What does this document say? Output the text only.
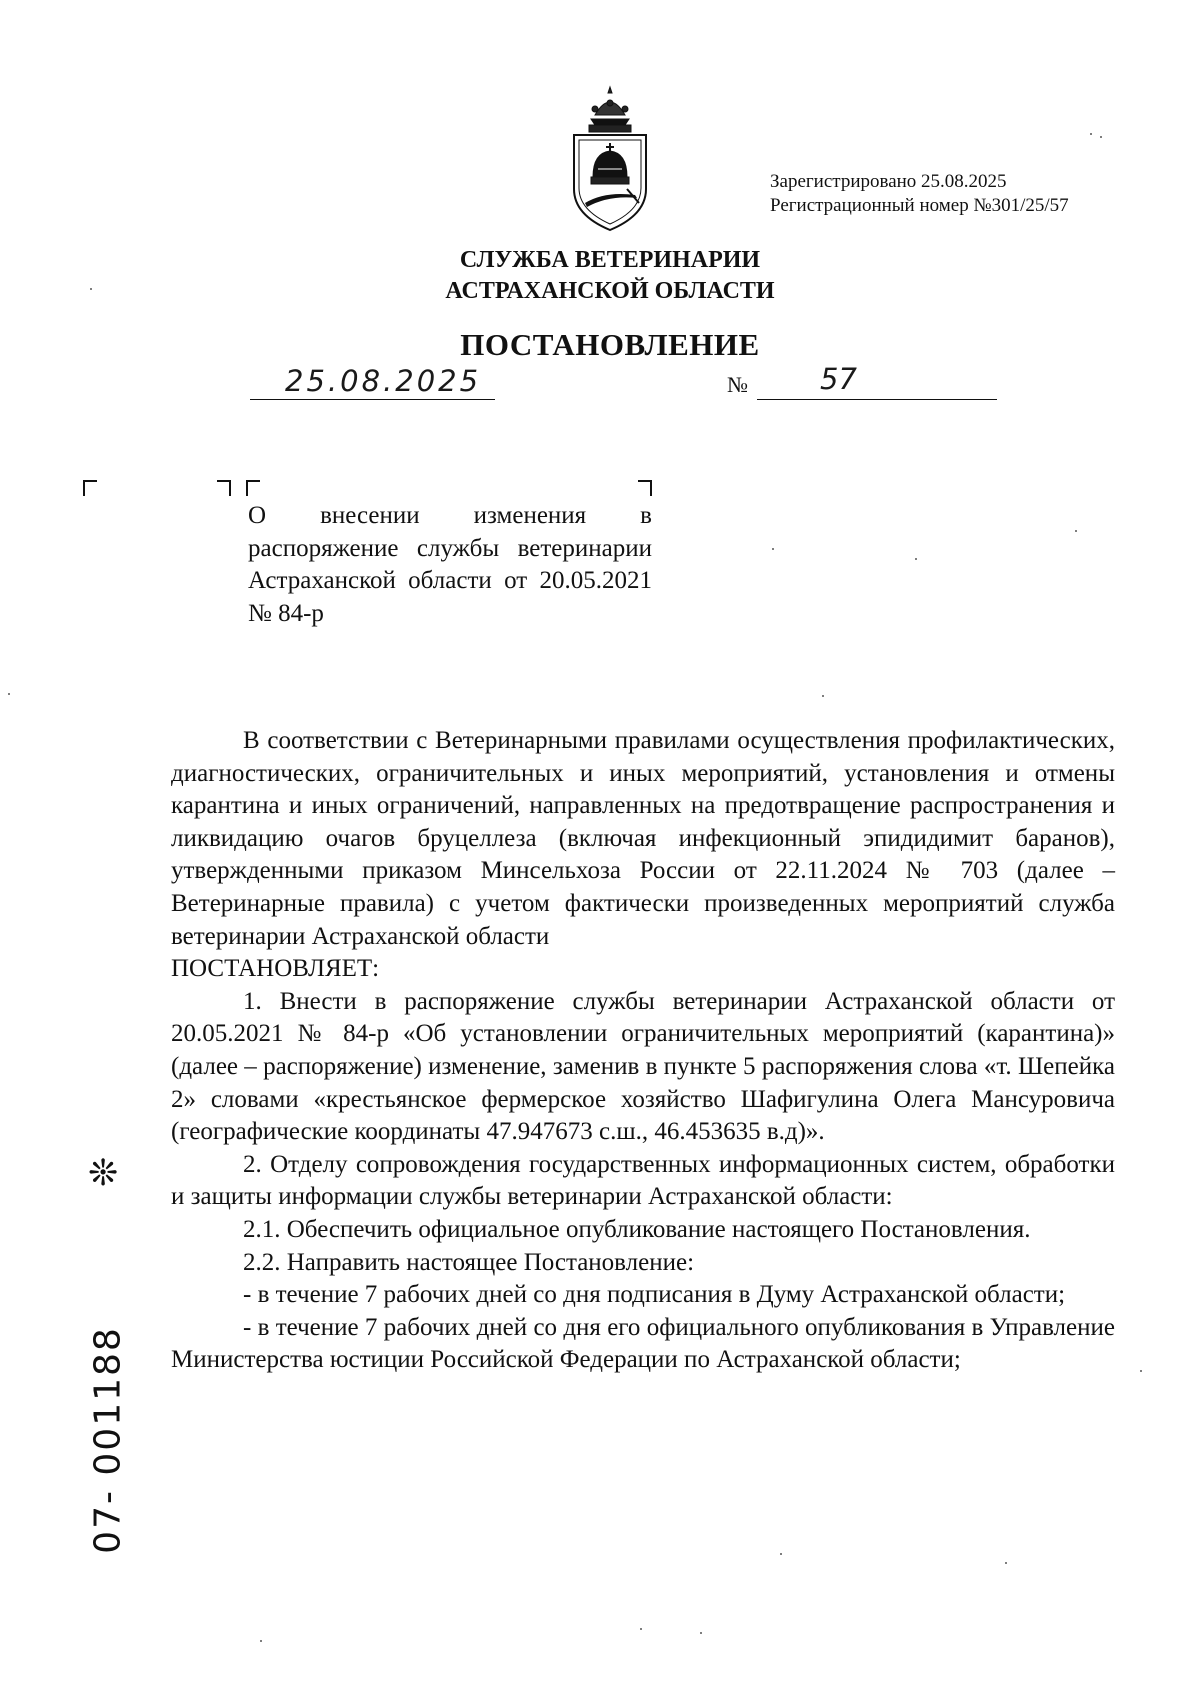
Зарегистрировано 25.08.2025
Регистрационный номер №301/25/57
СЛУЖБА ВЕТЕРИНАРИИ
АСТРАХАНСКОЙ ОБЛАСТИ
ПОСТАНОВЛЕНИЕ
25.08.2025	№ 57
О внесении изменения в распоряжение службы ветеринарии Астраханской области от 20.05.2021 № 84-р

В соответствии с Ветеринарными правилами осуществления профилактических, диагностических, ограничительных и иных мероприятий, установления и отмены карантина и иных ограничений, направленных на предотвращение распространения и ликвидацию очагов бруцеллеза (включая инфекционный эпидидимит баранов), утвержденными приказом Минсельхоза России от 22.11.2024 № 703 (далее – Ветеринарные правила) с учетом фактически произведенных мероприятий служба ветеринарии Астраханской области

ПОСТАНОВЛЯЕТ:

1. Внести в распоряжение службы ветеринарии Астраханской области от 20.05.2021 № 84-р «Об установлении ограничительных мероприятий (карантина)» (далее – распоряжение) изменение, заменив в пункте 5 распоряжения слова «т. Шепейка 2» словами «крестьянское фермерское хозяйство Шафигулина Олега Мансуровича (географические координаты 47.947673 с.ш., 46.453635 в.д)».

2. Отделу сопровождения государственных информационных систем, обработки и защиты информации службы ветеринарии Астраханской области:

2.1. Обеспечить официальное опубликование настоящего Постановления.

2.2. Направить настоящее Постановление:

- в течение 7 рабочих дней со дня подписания в Думу Астраханской области;

- в течение 7 рабочих дней со дня его официального опубликования в Управление Министерства юстиции Российской Федерации по Астраханской области;

❊
07- 001188
